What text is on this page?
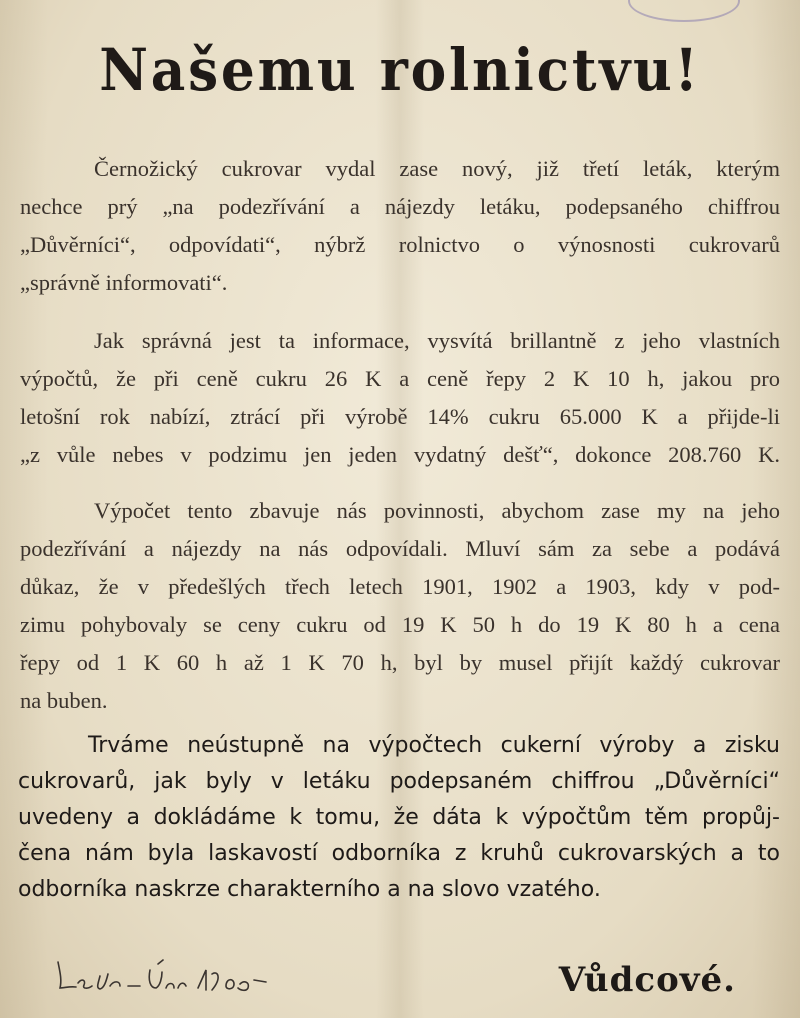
Našemu rolnictvu!
Černožický cukrovar vydal zase nový, již třetí leták, kterým
nechce prý „na podezřívání a nájezdy letáku, podepsaného chiffrou
„Důvěrníci“, odpovídati“, nýbrž rolnictvo o výnosnosti cukrovarů
„správně informovati“.
Jak správná jest ta informace, vysvítá brillantně z jeho vlastních
výpočtů, že při ceně cukru 26 K a ceně řepy 2 K 10 h, jakou pro
letošní rok nabízí, ztrácí při výrobě 14% cukru 65.000 K a přijde-li
„z vůle nebes v podzimu jen jeden vydatný dešť“, dokonce 208.760 K.
Výpočet tento zbavuje nás povinnosti, abychom zase my na jeho
podezřívání a nájezdy na nás odpovídali. Mluví sám za sebe a podává
důkaz, že v předešlých třech letech 1901, 1902 a 1903, kdy v pod-
zimu pohybovaly se ceny cukru od 19 K 50 h do 19 K 80 h a cena
řepy od 1 K 60 h až 1 K 70 h, byl by musel přijít každý cukrovar
na buben.
Trváme neústupně na výpočtech cukerní výroby a zisku
cukrovarů, jak byly v letáku podepsaném chiffrou „Důvěrníci“
uvedeny a dokládáme k tomu, že dáta k výpočtům těm propůj-
čena nám byla laskavostí odborníka z kruhů cukrovarských a to
odborníka naskrze charakterního a na slovo vzatého.
Vůdcové.
